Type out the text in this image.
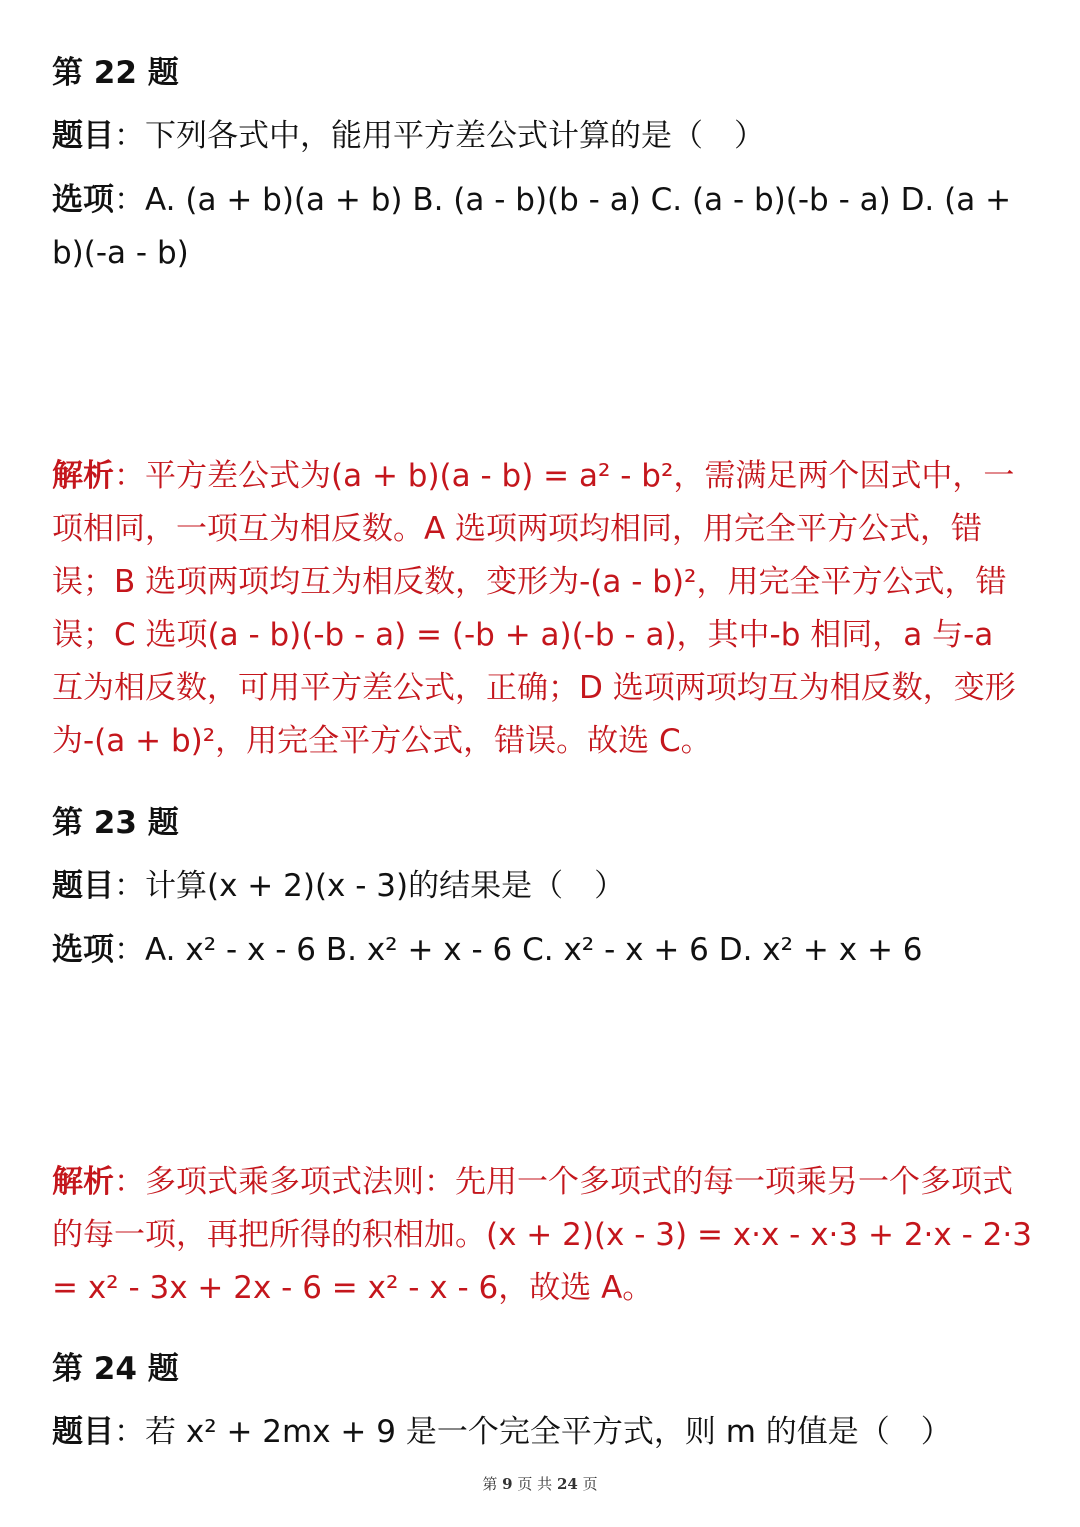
第 22 题
题目：下列各式中，能用平方差公式计算的是（　）
选项：A. (a + b)(a + b) B. (a - b)(b - a) C. (a - b)(-b - a) D. (a + b)(-a - b)
解析：平方差公式为(a + b)(a - b) = a² - b²，需满足两个因式中，一项相同，一项互为相反数。A 选项两项均相同，用完全平方公式，错误；B 选项两项均互为相反数，变形为-(a - b)²，用完全平方公式，错误；C 选项(a - b)(-b - a) = (-b + a)(-b - a)，其中-b 相同，a 与-a 互为相反数，可用平方差公式，正确；D 选项两项均互为相反数，变形为-(a + b)²，用完全平方公式，错误。故选 C。
第 23 题
题目：计算(x + 2)(x - 3)的结果是（　）
选项：A. x² - x - 6 B. x² + x - 6 C. x² - x + 6 D. x² + x + 6
解析：多项式乘多项式法则：先用一个多项式的每一项乘另一个多项式的每一项，再把所得的积相加。(x + 2)(x - 3) = x·x - x·3 + 2·x - 2·3 = x² - 3x + 2x - 6 = x² - x - 6，故选 A。
第 24 题
题目：若 x² + 2mx + 9 是一个完全平方式，则 m 的值是（　）
第 9 页 共 24 页
